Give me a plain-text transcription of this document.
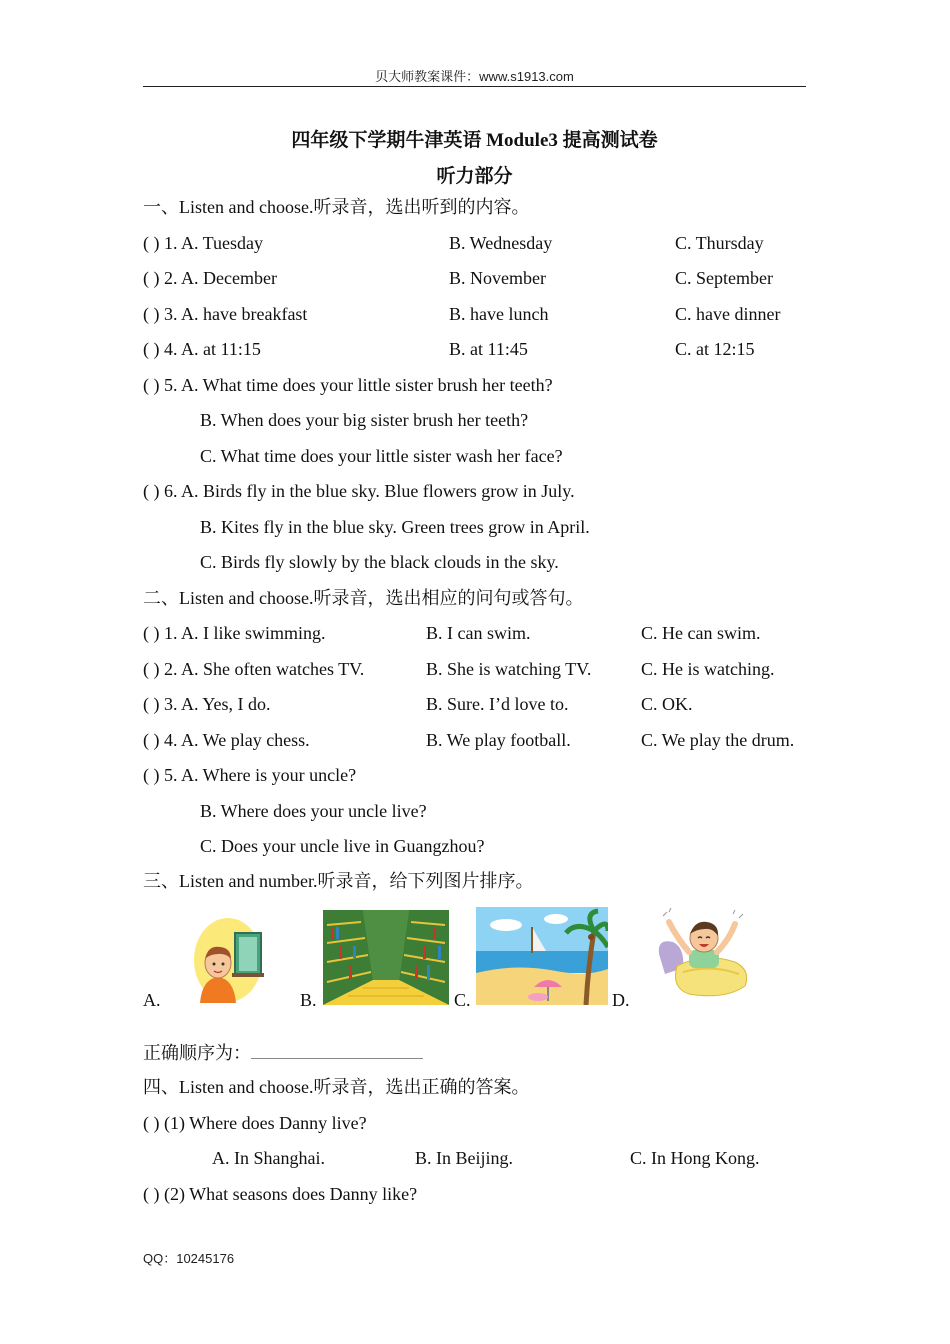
贝大师教案课件：www.s1913.com
四年级下学期牛津英语 Module3 提高测试卷
听力部分
一、Listen and choose.听录音，选出听到的内容。
( ) 1. A. Tuesday	B. Wednesday	C. Thursday
( ) 2. A. December	B. November	C. September
( ) 3. A. have breakfast	B. have lunch	C. have dinner
( ) 4. A. at 11:15	B. at 11:45	C. at 12:15
( ) 5. A. What time does your little sister brush her teeth?
B. When does your big sister brush her teeth?
C. What time does your little sister wash her face?
( ) 6. A. Birds fly in the blue sky. Blue flowers grow in July.
B. Kites fly in the blue sky. Green trees grow in April.
C. Birds fly slowly by the black clouds in the sky.
二、Listen and choose.听录音，选出相应的问句或答句。
( ) 1. A. I like swimming.	B. I can swim.	C. He can swim.
( ) 2. A. She often watches TV.	B. She is watching TV.	C. He is watching.
( ) 3. A. Yes, I do.	B. Sure. I’d love to.	C. OK.
( ) 4. A. We play chess.	B. We play football.	C. We play the drum.
( ) 5. A. Where is your uncle?
B. Where does your uncle live?
C. Does your uncle live in Guangzhou?
三、Listen and number.听录音，给下列图片排序。
A.	B.	C.	D.
正确顺序为：
四、Listen and choose.听录音，选出正确的答案。
( ) (1) Where does Danny live?
A. In Shanghai.	B. In Beijing.	C. In Hong Kong.
( ) (2) What seasons does Danny like?
QQ：10245176
